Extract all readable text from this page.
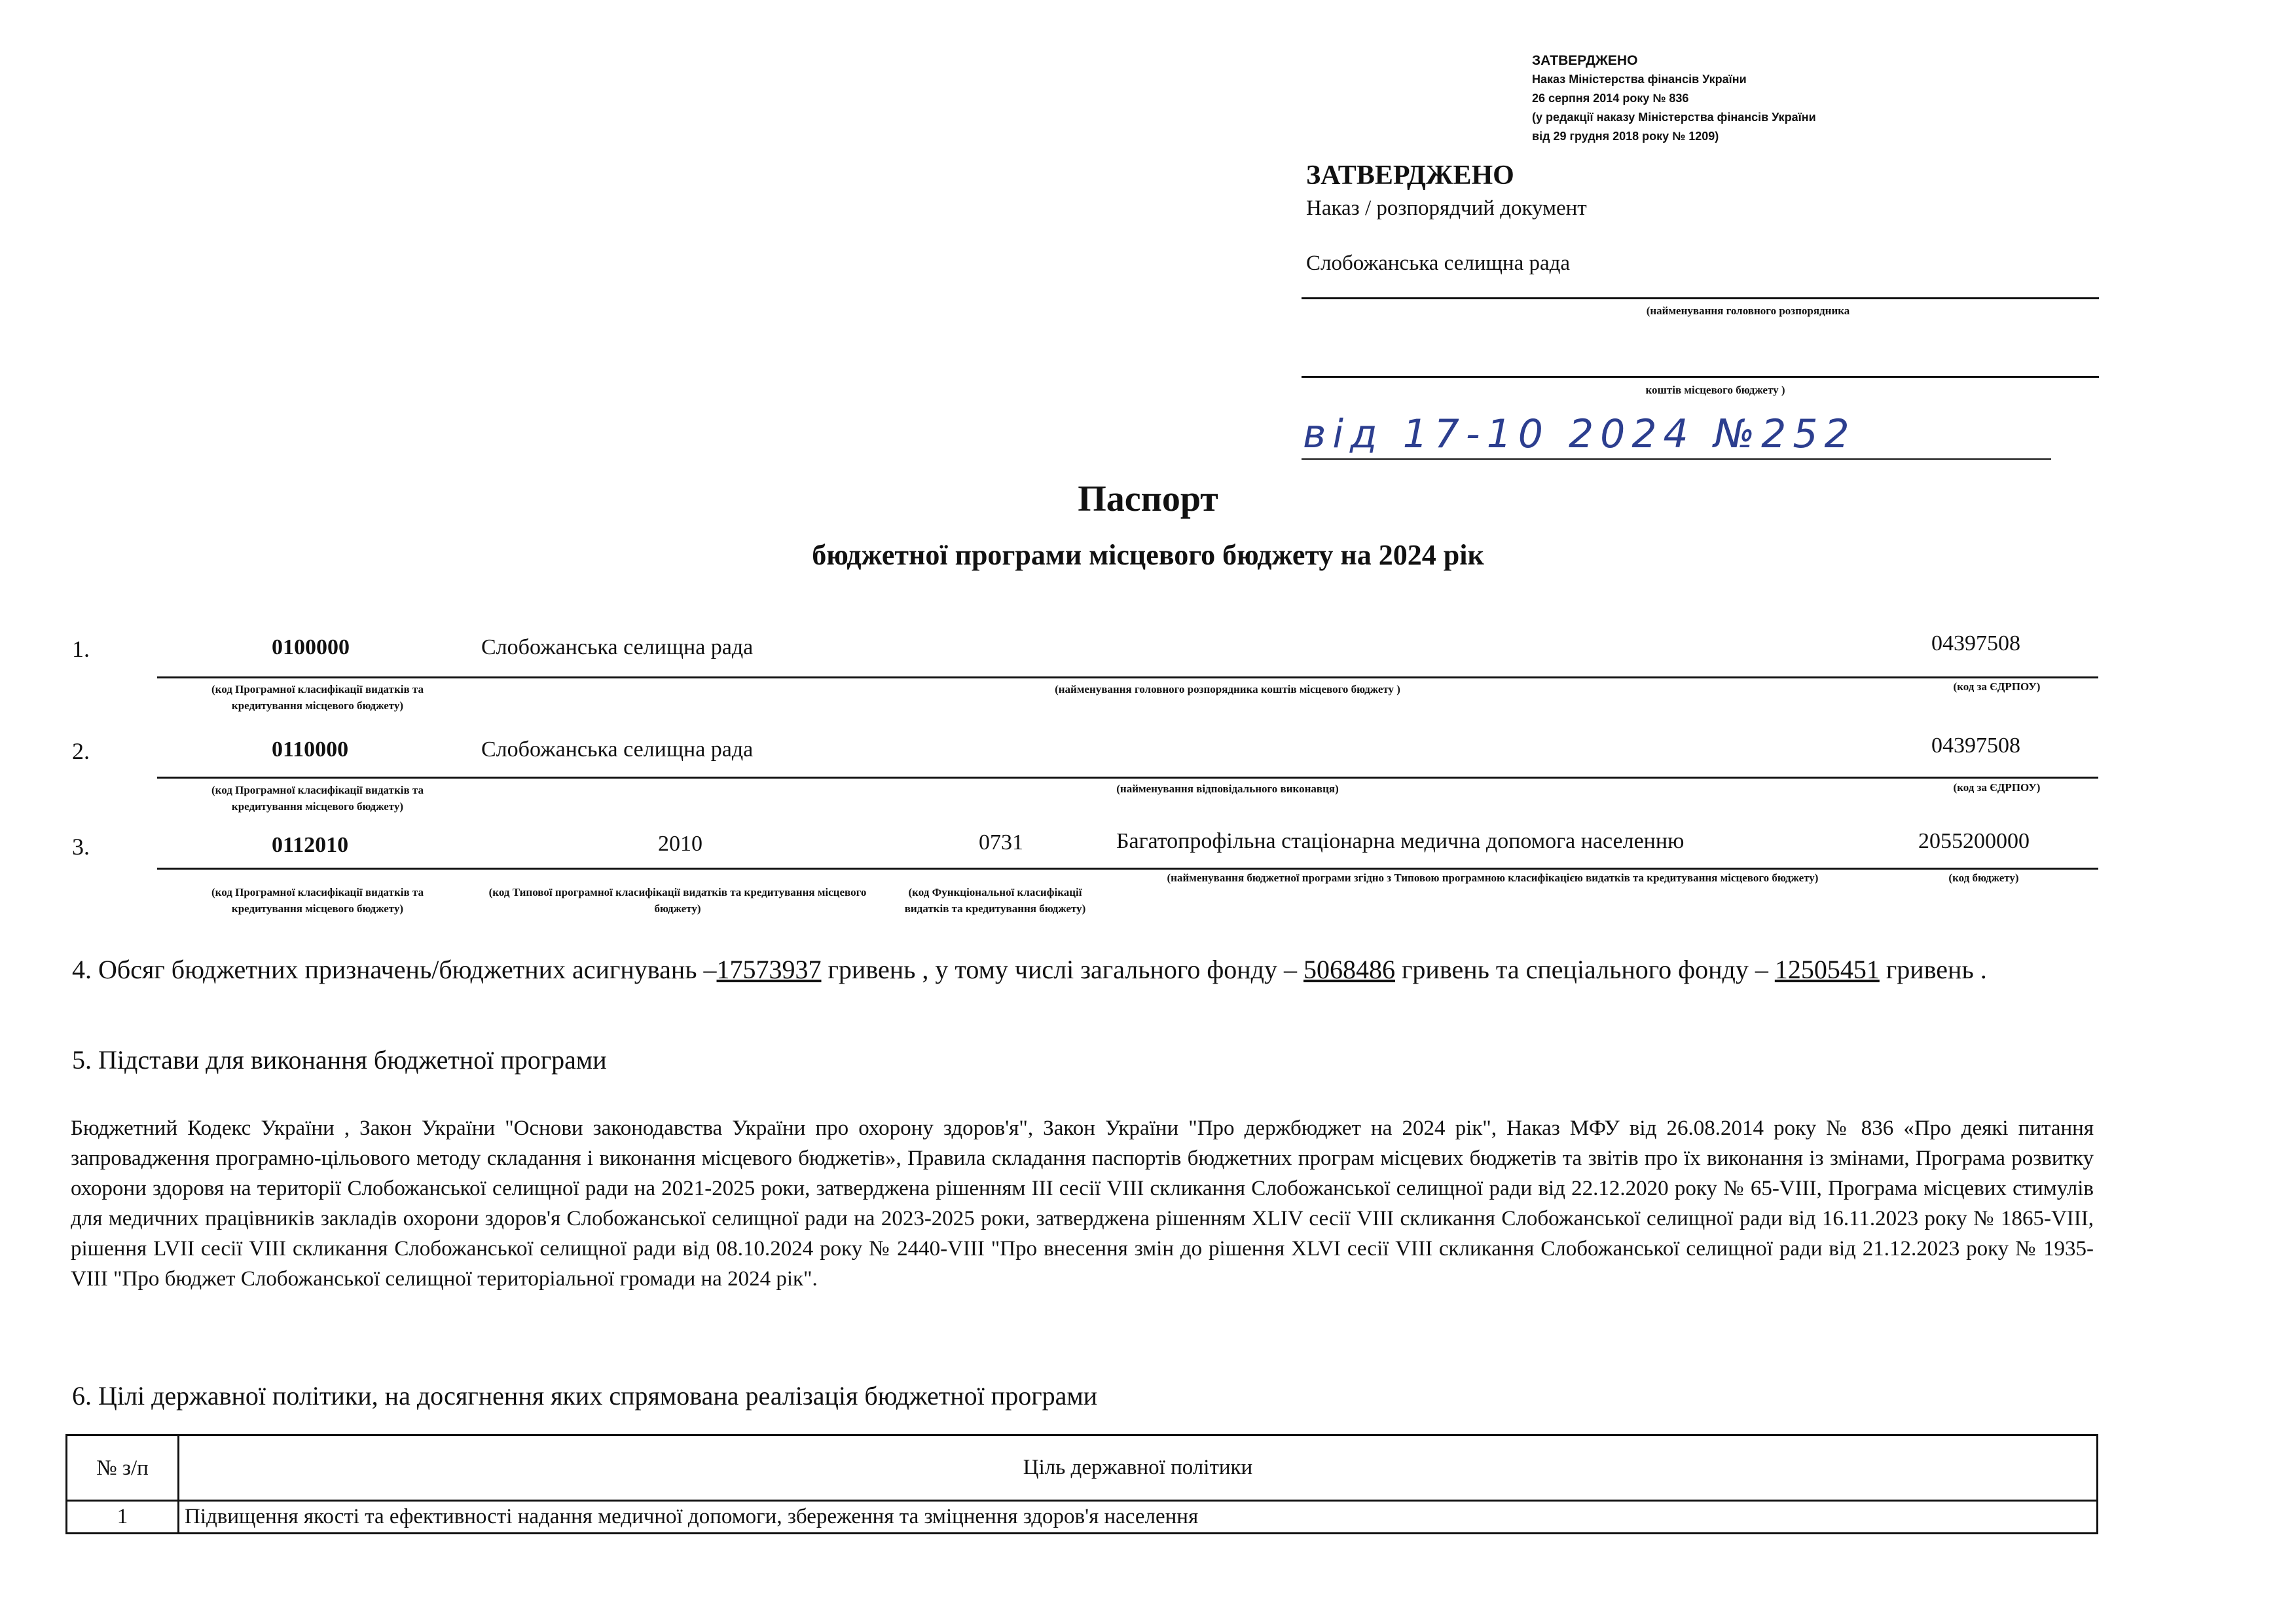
ЗАТВЕРДЖЕНО
Наказ Міністерства фінансів України
26 серпня 2014 року № 836
(у редакції наказу Міністерства фінансів України
від 29 грудня 2018 року № 1209)
ЗАТВЕРДЖЕНО
Наказ / розпорядчий документ
Слобожанська селищна рада
(найменування головного розпорядника
коштів місцевого бюджету )
від 17-10 2024 №252
Паспорт
бюджетної програми місцевого бюджету на 2024 рік
1.	0100000	Слобожанська селищна рада	04397508
(код Програмної класифікації видатків та кредитування місцевого бюджету)
(найменування головного розпорядника коштів місцевого бюджету )	(код за ЄДРПОУ)
2.	0110000	Слобожанська селищна рада	04397508
(код Програмної класифікації видатків та кредитування місцевого бюджету)
(найменування відповідального виконавця)	(код за ЄДРПОУ)
3.	0112010	2010	0731	Багатопрофільна стаціонарна медична допомога населенню	2055200000
(код Програмної класифікації видатків та кредитування місцевого бюджету)
(код Типової програмної класифікації видатків та кредитування місцевого бюджету)
(код Функціональної класифікації видатків та кредитування бюджету)
(найменування бюджетної програми згідно з Типовою програмною класифікацією видатків та кредитування місцевого бюджету)	(код бюджету)
4. Обсяг бюджетних призначень/бюджетних асигнувань –17573937 гривень , у тому числі загального фонду – 5068486 гривень та спеціального фонду – 12505451 гривень .
5. Підстави для виконання бюджетної програми
Бюджетний Кодекс України , Закон України "Основи законодавства України про охорону здоров'я", Закон України "Про держбюджет на 2024 рік", Наказ МФУ від 26.08.2014 року № 836 «Про деякі питання запровадження програмно-цільового методу складання і виконання місцевого бюджетів», Правила складання паспортів бюджетних програм місцевих бюджетів та звітів про їх виконання із змінами, Програма розвитку охорони здоровя на території Слобожанської селищної ради на 2021-2025 роки, затверджена рішенням ІІІ сесії VIII скликання Слобожанської селищної ради від 22.12.2020 року № 65-VIII, Програма місцевих стимулів для медичних працівників закладів охорони здоров'я Слобожанської селищної ради на 2023-2025 роки, затверджена рішенням XLIV сесії VIII скликання Слобожанської селищної ради від 16.11.2023 року № 1865-VIII, рішення LVII сесії VIII скликання Слобожанської селищної ради від 08.10.2024 року № 2440-VIII "Про внесення змін до рішення XLVI сесії VIII скликання Слобожанської селищної ради від 21.12.2023 року № 1935-VIII "Про бюджет Слобожанської селищної територіальної громади на 2024 рік".
6. Цілі державної політики, на досягнення яких спрямована реалізація бюджетної програми
№ з/п	Ціль державної політики
1	Підвищення якості та ефективності надання медичної допомоги, збереження та зміцнення здоров'я населення
